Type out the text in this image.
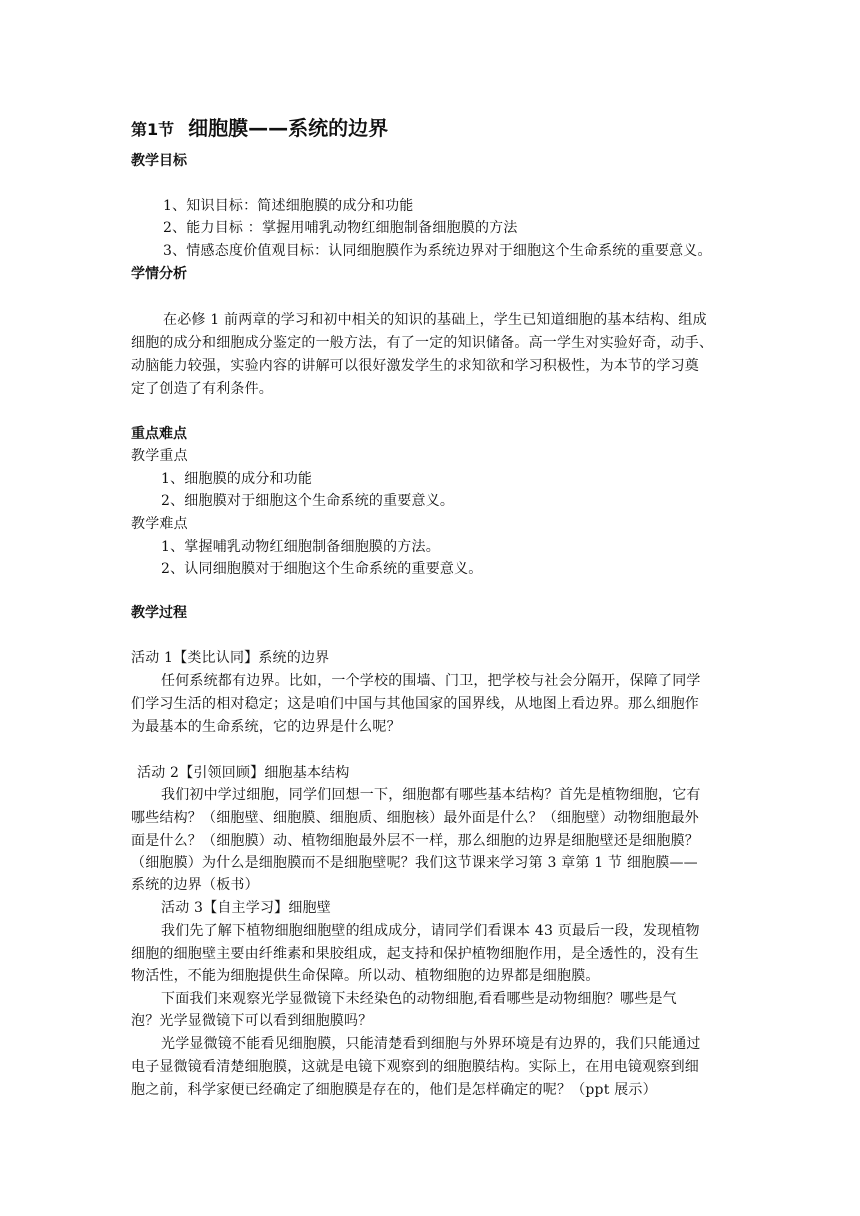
第1节 细胞膜——系统的边界
教学目标
1、知识目标：简述细胞膜的成分和功能
2、能力目标 ：掌握用哺乳动物红细胞制备细胞膜的方法
3、情感态度价值观目标：认同细胞膜作为系统边界对于细胞这个生命系统的重要意义。
学情分析
在必修 1 前两章的学习和初中相关的知识的基础上，学生已知道细胞的基本结构、组成
细胞的成分和细胞成分鉴定的一般方法，有了一定的知识储备。高一学生对实验好奇，动手、
动脑能力较强，实验内容的讲解可以很好激发学生的求知欲和学习积极性，为本节的学习奠
定了创造了有利条件。
重点难点
教学重点
1、细胞膜的成分和功能
2、细胞膜对于细胞这个生命系统的重要意义。
教学难点
1、掌握哺乳动物红细胞制备细胞膜的方法。
2、认同细胞膜对于细胞这个生命系统的重要意义。
教学过程
活动 1【类比认同】系统的边界
任何系统都有边界。比如，一个学校的围墙、门卫，把学校与社会分隔开，保障了同学
们学习生活的相对稳定；这是咱们中国与其他国家的国界线，从地图上看边界。那么细胞作
为最基本的生命系统，它的边界是什么呢？
活动 2【引领回顾】细胞基本结构
我们初中学过细胞，同学们回想一下，细胞都有哪些基本结构？首先是植物细胞，它有
哪些结构？（细胞壁、细胞膜、细胞质、细胞核）最外面是什么？（细胞壁）动物细胞最外
面是什么？（细胞膜）动、植物细胞最外层不一样，那么细胞的边界是细胞壁还是细胞膜？
（细胞膜）为什么是细胞膜而不是细胞壁呢？我们这节课来学习第 3 章第 1 节 细胞膜——
系统的边界（板书）
活动 3【自主学习】细胞壁
我们先了解下植物细胞细胞壁的组成成分，请同学们看课本 43 页最后一段，发现植物
细胞的细胞壁主要由纤维素和果胶组成，起支持和保护植物细胞作用，是全透性的，没有生
物活性，不能为细胞提供生命保障。所以动、植物细胞的边界都是细胞膜。
下面我们来观察光学显微镜下未经染色的动物细胞,看看哪些是动物细胞？哪些是气
泡？光学显微镜下可以看到细胞膜吗？
光学显微镜不能看见细胞膜，只能清楚看到细胞与外界环境是有边界的，我们只能通过
电子显微镜看清楚细胞膜，这就是电镜下观察到的细胞膜结构。实际上，在用电镜观察到细
胞之前，科学家便已经确定了细胞膜是存在的，他们是怎样确定的呢？（ppt 展示）
